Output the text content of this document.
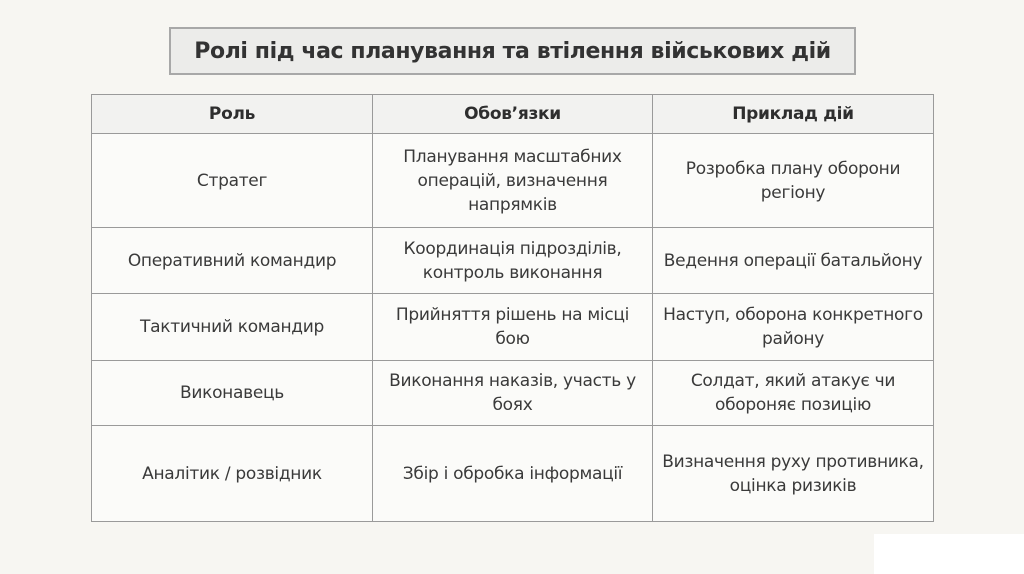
Ролі під час планування та втілення військових дій
Роль	Обов’язки	Приклад дій
Стратег	Планування масштабних операцій, визначення напрямків	Розробка плану оборони регіону
Оперативний командир	Координація підрозділів, контроль виконання	Ведення операції батальйону
Тактичний командир	Прийняття рішень на місці бою	Наступ, оборона конкретного району
Виконавець	Виконання наказів, участь у боях	Солдат, який атакує чи обороняє позицію
Аналітик / розвідник	Збір і обробка інформації	Визначення руху противника, оцінка ризиків
